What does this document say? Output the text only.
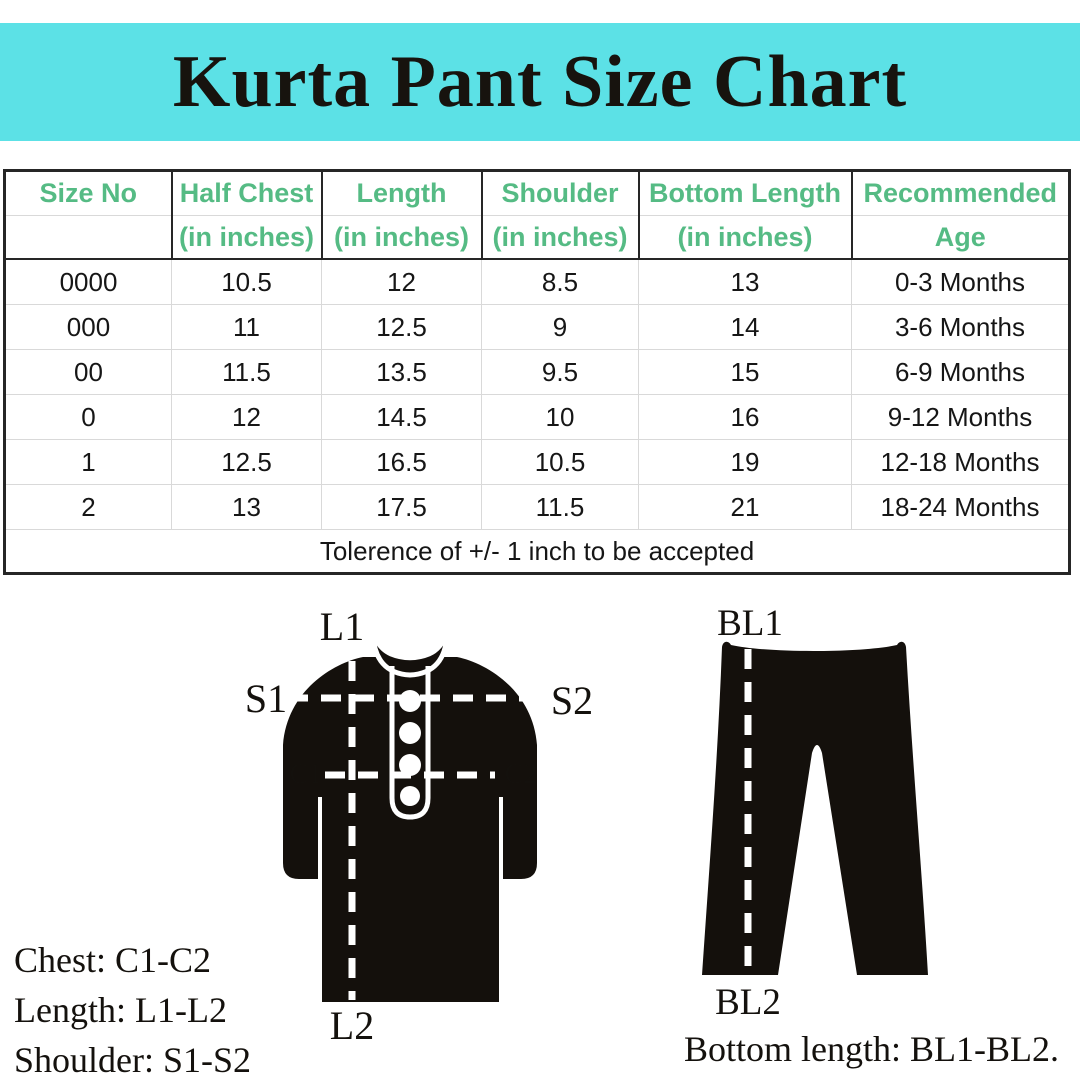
Kurta Pant Size Chart
Size No	Half Chest	Length	Shoulder	Bottom Length	Recommended
	(in inches)	(in inches)	(in inches)	(in inches)	Age
0000	10.5	12	8.5	13	0-3 Months
000	11	12.5	9	14	3-6 Months
00	11.5	13.5	9.5	15	6-9 Months
0	12	14.5	10	16	9-12 Months
1	12.5	16.5	10.5	19	12-18 Months
2	13	17.5	11.5	21	18-24 Months
Tolerence of +/- 1 inch to be accepted					
L1
S1	S2
C1	C2
L2
BL1
BL2
Chest: C1-C2
Length: L1-L2
Shoulder: S1-S2	Bottom length: BL1-BL2.
